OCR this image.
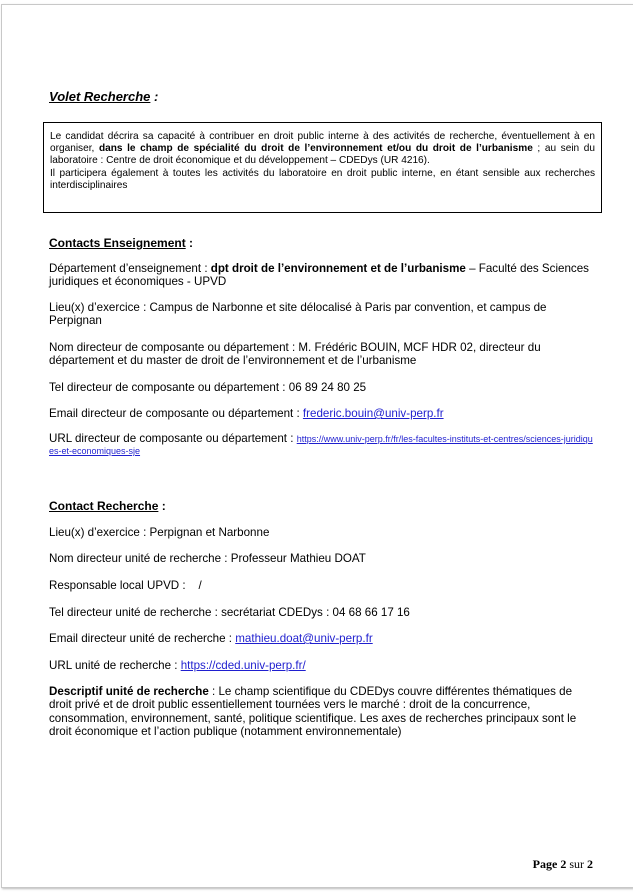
Volet Recherche :

Le candidat décrira sa capacité à contribuer en droit public interne à des activités de recherche, éventuellement à en organiser, dans le champ de spécialité du droit de l’environnement et/ou du droit de l’urbanisme ; au sein du laboratoire : Centre de droit économique et du développement – CDEDys (UR 4216).

Il participera également à toutes les activités du laboratoire en droit public interne, en étant sensible aux recherches interdisciplinaires

Contacts Enseignement :
Département d’enseignement : dpt droit de l’environnement et de l’urbanisme – Faculté des Sciences juridiques et économiques - UPVD
Lieu(x) d’exercice : Campus de Narbonne et site délocalisé à Paris par convention, et campus de Perpignan
Nom directeur de composante ou département : M. Frédéric BOUIN, MCF HDR 02, directeur du département et du master de droit de l’environnement et de l’urbanisme
Tel directeur de composante ou département : 06 89 24 80 25
Email directeur de composante ou département : frederic.bouin@univ-perp.fr
URL directeur de composante ou département : https://www.univ-perp.fr/fr/les-facultes-instituts-et-centres/sciences-juridiques-et-economiques-sje
Contact Recherche :
Lieu(x) d’exercice : Perpignan et Narbonne
Nom directeur unité de recherche : Professeur Mathieu DOAT
Responsable local UPVD :    /
Tel directeur unité de recherche : secrétariat CDEDys : 04 68 66 17 16
Email directeur unité de recherche : mathieu.doat@univ-perp.fr
URL unité de recherche : https://cded.univ-perp.fr/
Descriptif unité de recherche : Le champ scientifique du CDEDys couvre différentes thématiques de droit privé et de droit public essentiellement tournées vers le marché : droit de la concurrence, consommation, environnement, santé, politique scientifique. Les axes de recherches principaux sont le droit économique et l’action publique (notamment environnementale)
Page 2 sur 2
